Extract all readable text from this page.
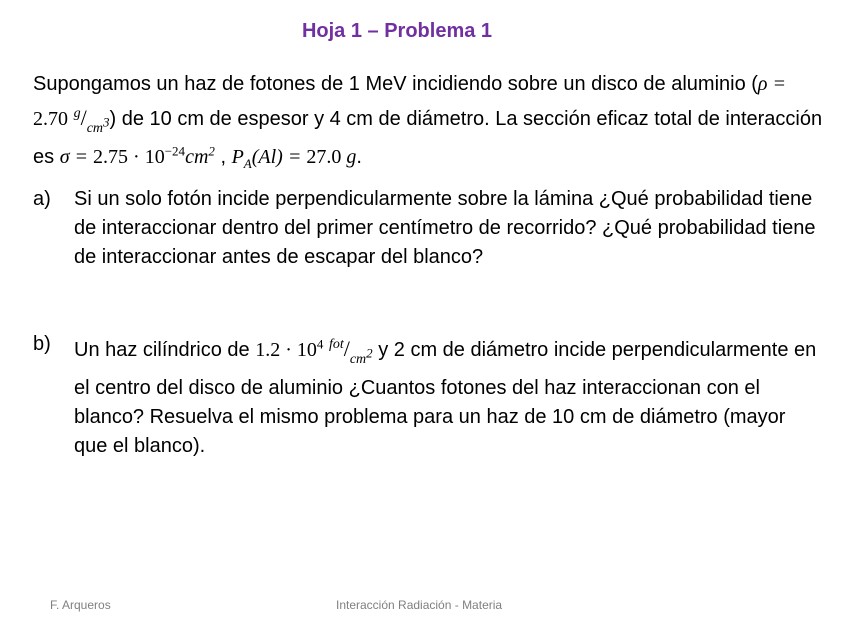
Hoja 1 – Problema 1
Supongamos un haz de fotones de 1 MeV incidiendo sobre un disco de aluminio (ρ = 2.70 $^g/_{cm^3}$) de 10 cm de espesor y 4 cm de diámetro. La sección eficaz total de interacción es $\sigma = 2.75 \cdot 10^{-24}cm^2$ , $P_A(Al) = 27.0$ g.
a)	Si un solo fotón incide perpendicularmente sobre la lámina ¿Qué probabilidad tiene de interaccionar dentro del primer centímetro de recorrido? ¿Qué probabilidad tiene de interaccionar antes de escapar del blanco?
b)	Un haz cilíndrico de $1.2 \cdot 10^4$ $^{fot}/_{cm^2}$ y 2 cm de diámetro incide perpendicularmente en el centro del disco de aluminio ¿Cuantos fotones del haz interaccionan con el blanco? Resuelva el mismo problema para un haz de 10 cm de diámetro (mayor que el blanco).
F. Arqueros	Interacción Radiación - Materia
